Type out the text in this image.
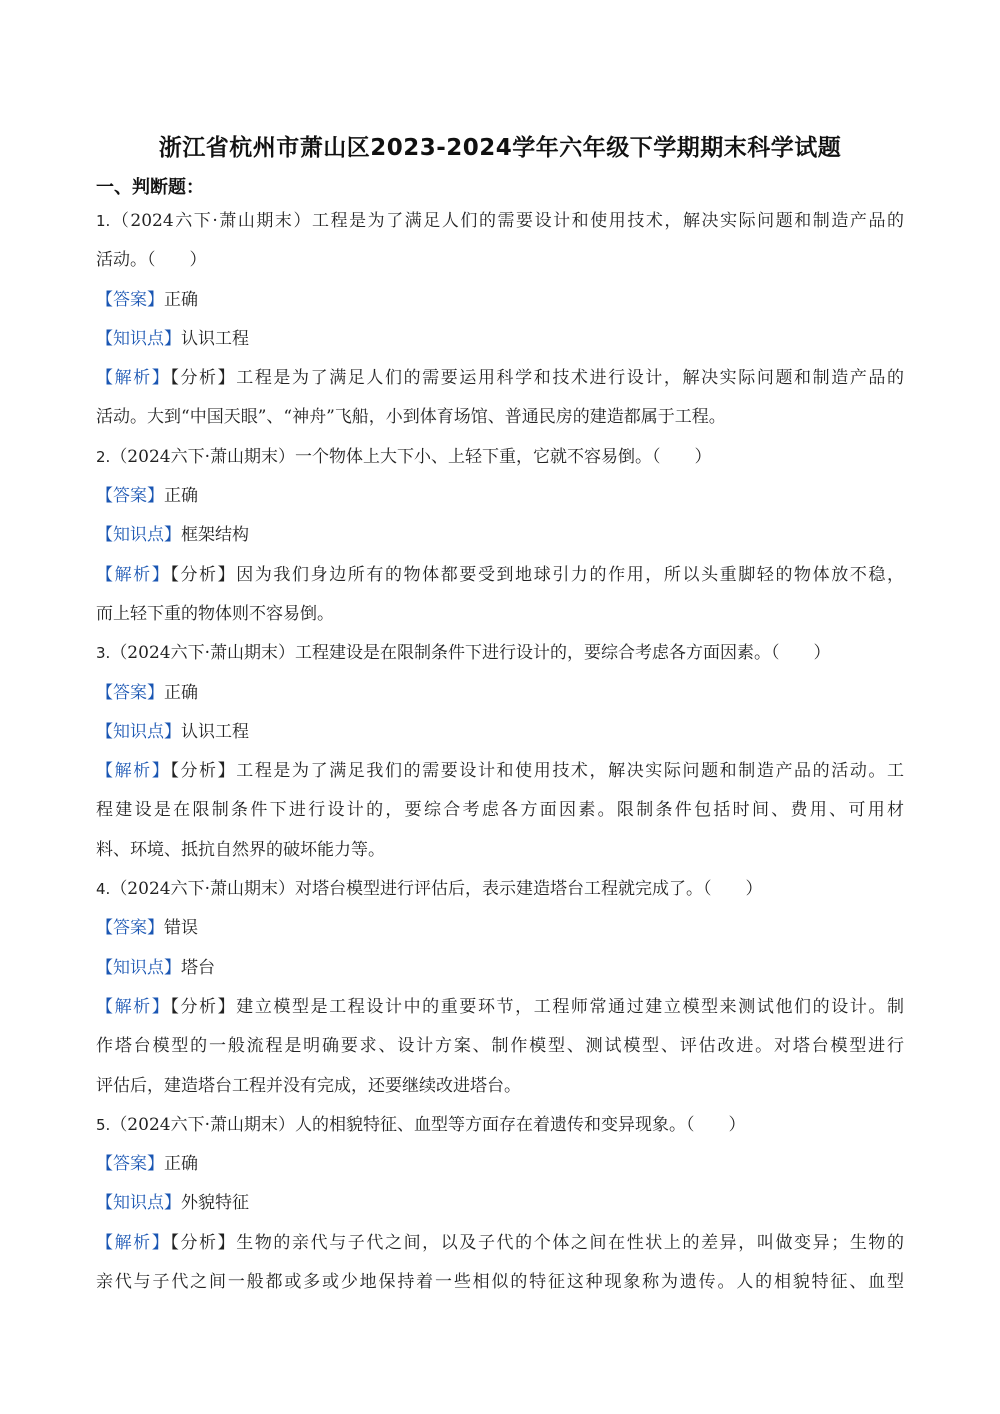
浙江省杭州市萧山区2023-2024学年六年级下学期期末科学试题
一、判断题：
1.（2024六下·萧山期末）工程是为了满足人们的需要设计和使用技术，解决实际问题和制造产品的
活动。（　　）
【答案】正确
【知识点】认识工程
【解析】【分析】工程是为了满足人们的需要运用科学和技术进行设计，解决实际问题和制造产品的
活动。大到“中国天眼”、“神舟”飞船，小到体育场馆、普通民房的建造都属于工程。
2.（2024六下·萧山期末）一个物体上大下小、上轻下重，它就不容易倒。（　　）
【答案】正确
【知识点】框架结构
【解析】【分析】因为我们身边所有的物体都要受到地球引力的作用，所以头重脚轻的物体放不稳，
而上轻下重的物体则不容易倒。
3.（2024六下·萧山期末）工程建设是在限制条件下进行设计的，要综合考虑各方面因素。（　　）
【答案】正确
【知识点】认识工程
【解析】【分析】工程是为了满足我们的需要设计和使用技术，解决实际问题和制造产品的活动。工
程建设是在限制条件下进行设计的，要综合考虑各方面因素。限制条件包括时间、费用、可用材
料、环境、抵抗自然界的破坏能力等。
4.（2024六下·萧山期末）对塔台模型进行评估后，表示建造塔台工程就完成了。（　　）
【答案】错误
【知识点】塔台
【解析】【分析】建立模型是工程设计中的重要环节，工程师常通过建立模型来测试他们的设计。制
作塔台模型的一般流程是明确要求、设计方案、制作模型、测试模型、评估改进。对塔台模型进行
评估后，建造塔台工程并没有完成，还要继续改进塔台。
5.（2024六下·萧山期末）人的相貌特征、血型等方面存在着遗传和变异现象。（　　）
【答案】正确
【知识点】外貌特征
【解析】【分析】生物的亲代与子代之间，以及子代的个体之间在性状上的差异，叫做变异；生物的
亲代与子代之间一般都或多或少地保持着一些相似的特征这种现象称为遗传。人的相貌特征、血型
